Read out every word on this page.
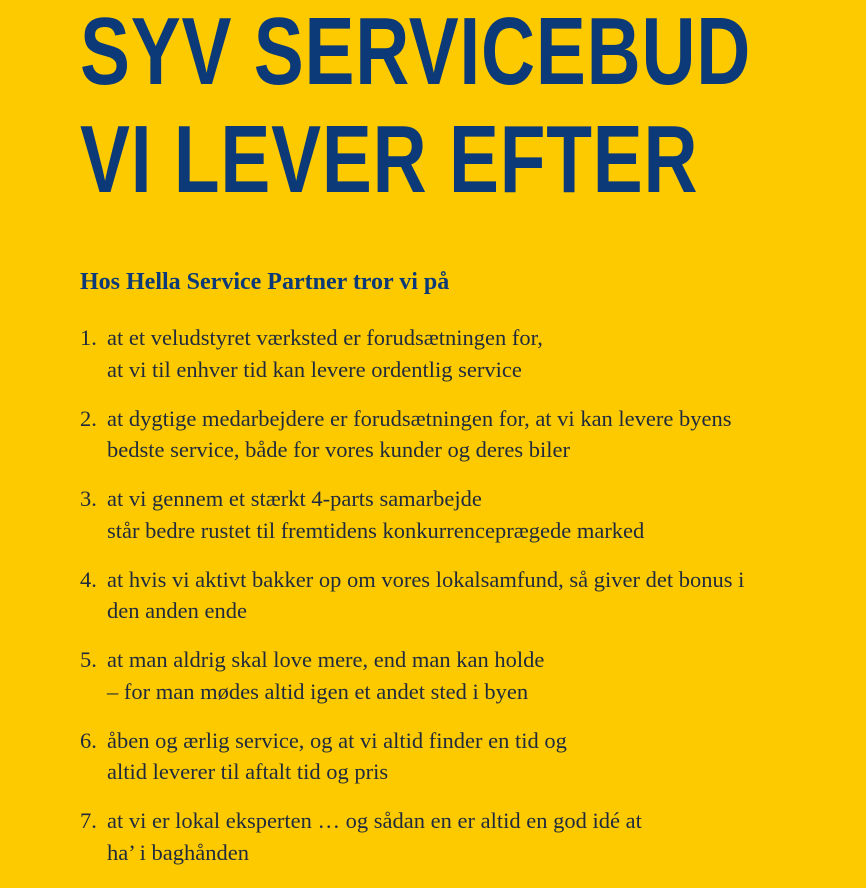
SYV SERVICEBUD
VI LEVER EFTER
Hos Hella Service Partner tror vi på
1. at et veludstyret værksted er forudsætningen for,
at vi til enhver tid kan levere ordentlig service
2. at dygtige medarbejdere er forudsætningen for, at vi kan levere byens
bedste service, både for vores kunder og deres biler
3. at vi gennem et stærkt 4-parts samarbejde
står bedre rustet til fremtidens konkurrenceprægede marked
4. at hvis vi aktivt bakker op om vores lokalsamfund, så giver det bonus i
den anden ende
5. at man aldrig skal love mere, end man kan holde
– for man mødes altid igen et andet sted i byen
6. åben og ærlig service, og at vi altid finder en tid og
altid leverer til aftalt tid og pris
7. at vi er lokal eksperten … og sådan en er altid en god idé at
ha’ i baghånden
